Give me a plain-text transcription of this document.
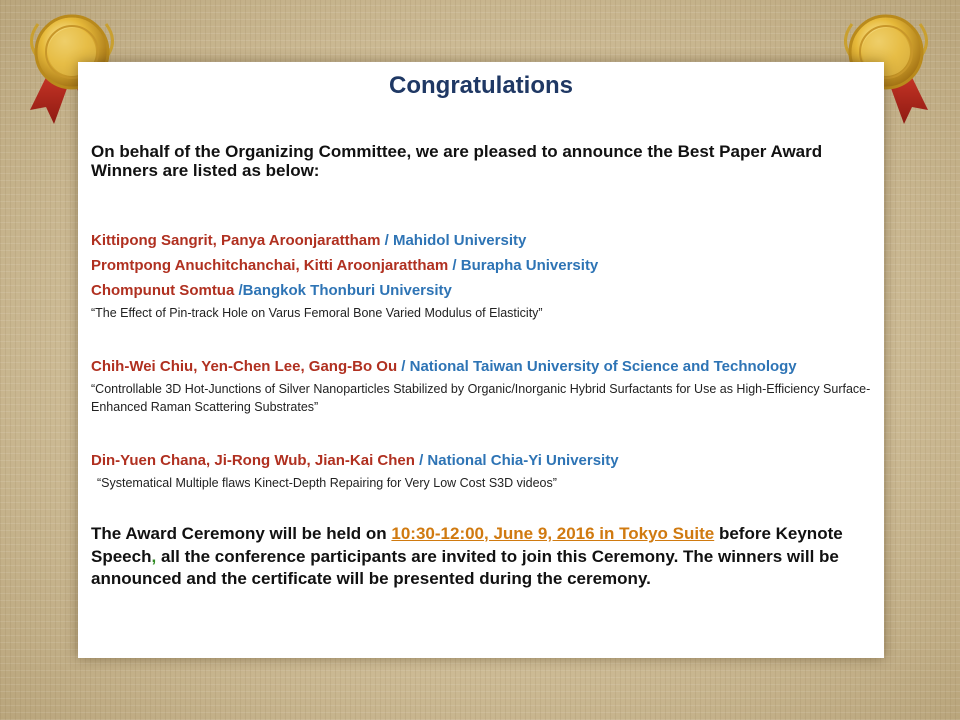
Congratulations
On behalf of the Organizing Committee, we are pleased to announce the Best Paper Award Winners are listed as below:
Kittipong Sangrit, Panya Aroonjarattham / Mahidol University
Promtpong Anuchitchanchai, Kitti Aroonjarattham / Burapha University
Chompunut Somtua /Bangkok Thonburi University
“The Effect of Pin-track Hole on Varus Femoral Bone Varied Modulus of Elasticity”
Chih-Wei Chiu, Yen-Chen Lee, Gang-Bo Ou / National Taiwan University of Science and Technology
“Controllable 3D Hot-Junctions of Silver Nanoparticles Stabilized by Organic/Inorganic Hybrid Surfactants for Use as High-Efficiency Surface-Enhanced Raman Scattering Substrates”
Din-Yuen Chana, Ji-Rong Wub, Jian-Kai Chen / National Chia-Yi University
“Systematical Multiple flaws Kinect-Depth Repairing for Very Low Cost S3D videos”
The Award Ceremony will be held on 10:30-12:00, June 9, 2016 in Tokyo Suite before Keynote Speech, all the conference participants are invited to join this Ceremony. The winners will be announced and the certificate will be presented during the ceremony.
